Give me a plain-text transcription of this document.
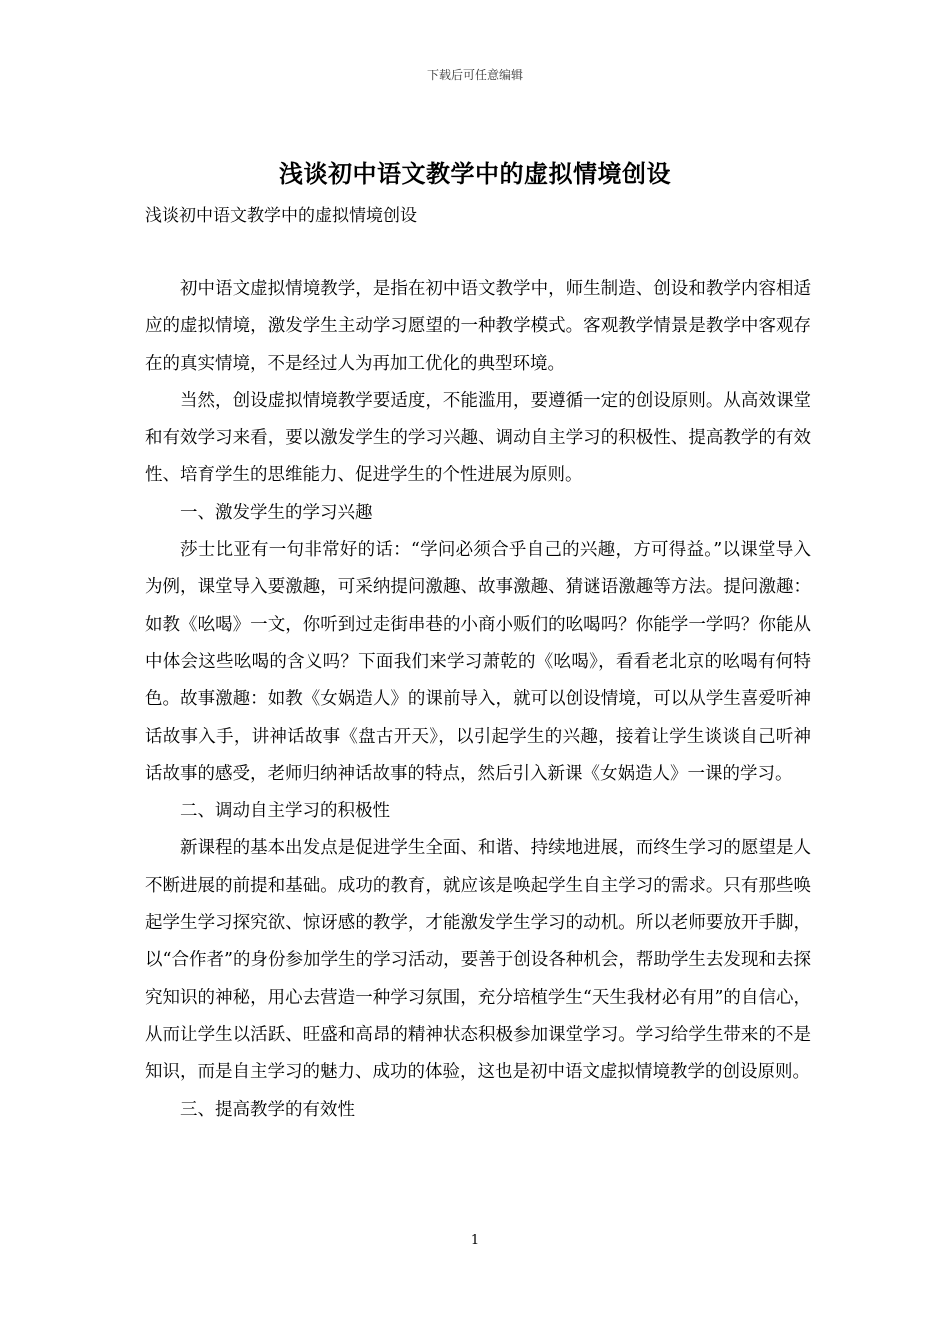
下载后可任意编辑
浅谈初中语文教学中的虚拟情境创设
浅谈初中语文教学中的虚拟情境创设

初中语文虚拟情境教学，是指在初中语文教学中，师生制造、创设和教学内容相适应的虚拟情境，激发学生主动学习愿望的一种教学模式。客观教学情景是教学中客观存在的真实情境，不是经过人为再加工优化的典型环境。

当然，创设虚拟情境教学要适度，不能滥用，要遵循一定的创设原则。从高效课堂和有效学习来看，要以激发学生的学习兴趣、调动自主学习的积极性、提高教学的有效性、培育学生的思维能力、促进学生的个性进展为原则。

一、激发学生的学习兴趣

莎士比亚有一句非常好的话：“学问必须合乎自己的兴趣，方可得益。”以课堂导入为例，课堂导入要激趣，可采纳提问激趣、故事激趣、猜谜语激趣等方法。提问激趣：如教《吆喝》一文，你听到过走街串巷的小商小贩们的吆喝吗？你能学一学吗？你能从中体会这些吆喝的含义吗？下面我们来学习萧乾的《吆喝》，看看老北京的吆喝有何特色。故事激趣：如教《女娲造人》的课前导入，就可以创设情境，可以从学生喜爱听神话故事入手，讲神话故事《盘古开天》，以引起学生的兴趣，接着让学生谈谈自己听神话故事的感受，老师归纳神话故事的特点，然后引入新课《女娲造人》一课的学习。

二、调动自主学习的积极性

新课程的基本出发点是促进学生全面、和谐、持续地进展，而终生学习的愿望是人不断进展的前提和基础。成功的教育，就应该是唤起学生自主学习的需求。只有那些唤起学生学习探究欲、惊讶感的教学，才能激发学生学习的动机。所以老师要放开手脚，以“合作者”的身份参加学生的学习活动，要善于创设各种机会，帮助学生去发现和去探究知识的神秘，用心去营造一种学习氛围，充分培植学生“天生我材必有用”的自信心，从而让学生以活跃、旺盛和高昂的精神状态积极参加课堂学习。学习给学生带来的不是知识，而是自主学习的魅力、成功的体验，这也是初中语文虚拟情境教学的创设原则。

三、提高教学的有效性

1
